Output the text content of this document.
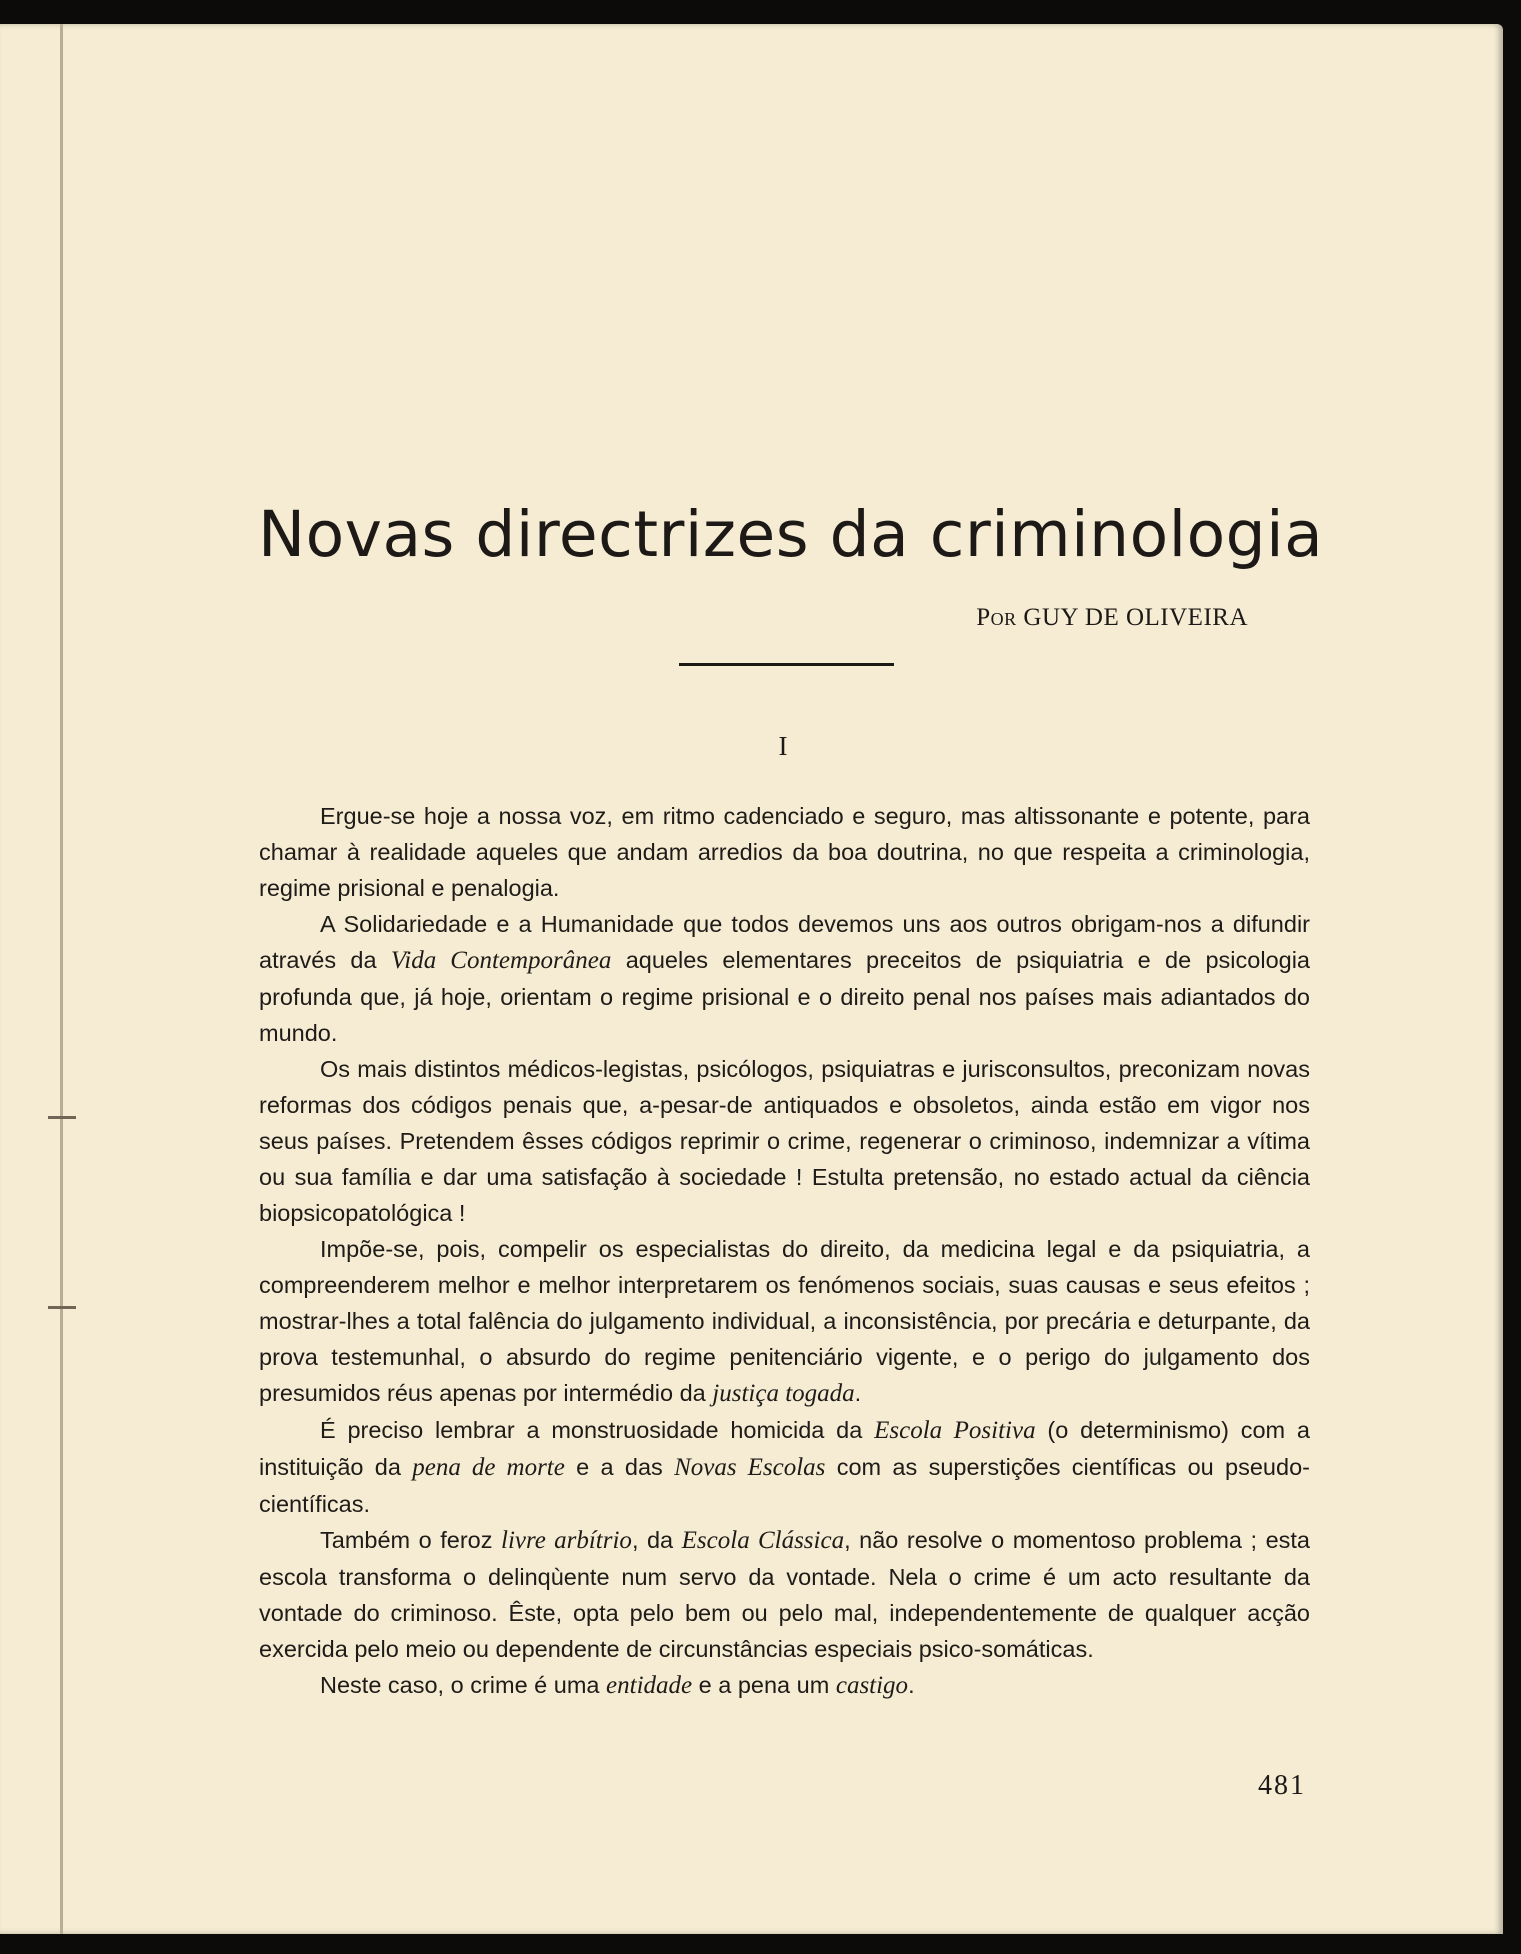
Novas directrizes da criminologia
Por GUY DE OLIVEIRA
I

Ergue-se hoje a nossa voz, em ritmo cadenciado e seguro, mas altissonante e potente, para chamar à realidade aqueles que andam arredios da boa doutrina, no que respeita a criminologia, regime prisional e penalogia.

A Solidariedade e a Humanidade que todos devemos uns aos outros obrigam-nos a difundir através da Vida Contemporânea aqueles elementares preceitos de psiquiatria e de psicologia profunda que, já hoje, orientam o regime prisional e o direito penal nos países mais adiantados do mundo.

Os mais distintos médicos-legistas, psicólogos, psiquiatras e jurisconsultos, preconizam novas reformas dos códigos penais que, a-pesar-de antiquados e obsoletos, ainda estão em vigor nos seus países. Pretendem êsses códigos reprimir o crime, regenerar o criminoso, indemnizar a vítima ou sua família e dar uma satisfação à sociedade ! Estulta pretensão, no estado actual da ciência biopsicopatológica !

Impõe-se, pois, compelir os especialistas do direito, da medicina legal e da psiquiatria, a compreenderem melhor e melhor interpretarem os fenómenos sociais, suas causas e seus efeitos ; mostrar-lhes a total falência do julgamento individual, a inconsistência, por precária e deturpante, da prova testemunhal, o absurdo do regime penitenciário vigente, e o perigo do julgamento dos presumidos réus apenas por intermédio da justiça togada.

É preciso lembrar a monstruosidade homicida da Escola Positiva (o determinismo) com a instituição da pena de morte e a das Novas Escolas com as superstições científicas ou pseudo-científicas.

Também o feroz livre arbítrio, da Escola Clássica, não resolve o momentoso problema ; esta escola transforma o delinqùente num servo da vontade. Nela o crime é um acto resultante da vontade do criminoso. Êste, opta pelo bem ou pelo mal, independentemente de qualquer acção exercida pelo meio ou dependente de circunstâncias especiais psico-somáticas.

Neste caso, o crime é uma entidade e a pena um castigo.

481
